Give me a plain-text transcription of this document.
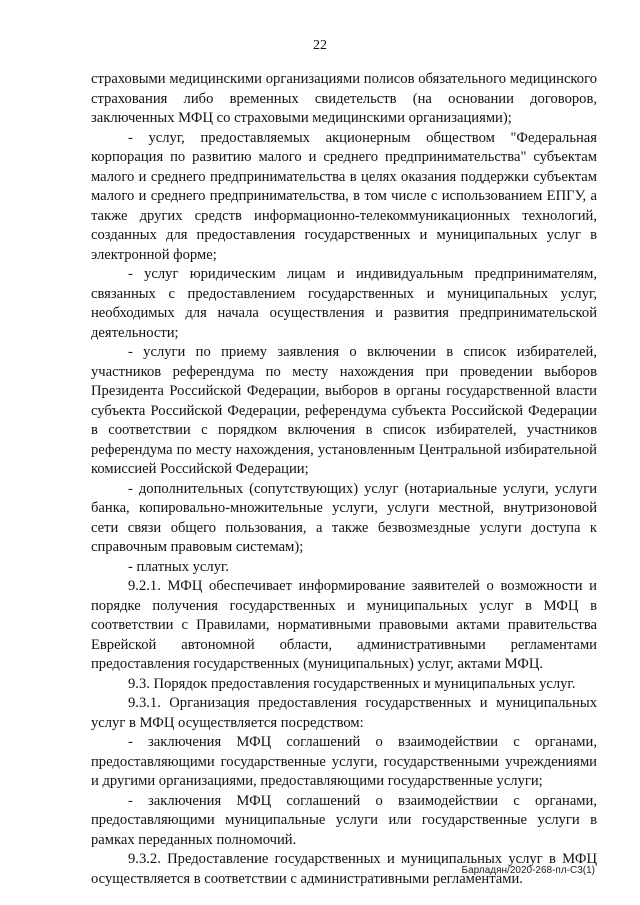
22

страховыми медицинскими организациями полисов обязательного медицинского страхования либо временных свидетельств (на основании договоров, заключенных МФЦ со страховыми медицинскими организациями);

- услуг, предоставляемых акционерным обществом "Федеральная корпорация по развитию малого и среднего предпринимательства" субъектам малого и среднего предпринимательства в целях оказания поддержки субъектам малого и среднего предпринимательства, в том числе с использованием ЕПГУ, а также других средств информационно-телекоммуникационных технологий, созданных для предоставления государственных и муниципальных услуг в электронной форме;

- услуг юридическим лицам и индивидуальным предпринимателям, связанных с предоставлением государственных и муниципальных услуг, необходимых для начала осуществления и развития предпринимательской деятельности;

- услуги по приему заявления о включении в список избирателей, участников референдума по месту нахождения при проведении выборов Президента Российской Федерации, выборов в органы государственной власти субъекта Российской Федерации, референдума субъекта Российской Федерации в соответствии с порядком включения в список избирателей, участников референдума по месту нахождения, установленным Центральной избирательной комиссией Российской Федерации;

- дополнительных (сопутствующих) услуг (нотариальные услуги, услуги банка, копировально-множительные услуги, услуги местной, внутризоновой сети связи общего пользования, а также безвозмездные услуги доступа к справочным правовым системам);

- платных услуг.

9.2.1. МФЦ обеспечивает информирование заявителей о возможности и порядке получения государственных и муниципальных услуг в МФЦ в соответствии с Правилами, нормативными правовыми актами правительства Еврейской автономной области, административными регламентами предоставления государственных (муниципальных) услуг, актами МФЦ.

9.3. Порядок предоставления государственных и муниципальных услуг.

9.3.1. Организация предоставления государственных и муниципальных услуг в МФЦ осуществляется посредством:

- заключения МФЦ соглашений о взаимодействии с органами, предоставляющими государственные услуги, государственными учреждениями и другими организациями, предоставляющими государственные услуги;

- заключения МФЦ соглашений о взаимодействии с органами, предоставляющими муниципальные услуги или государственные услуги в рамках переданных полномочий.

9.3.2. Предоставление государственных и муниципальных услуг в МФЦ осуществляется в соответствии с административными регламентами.

Барладян/2020-268-пл-С3(1)
